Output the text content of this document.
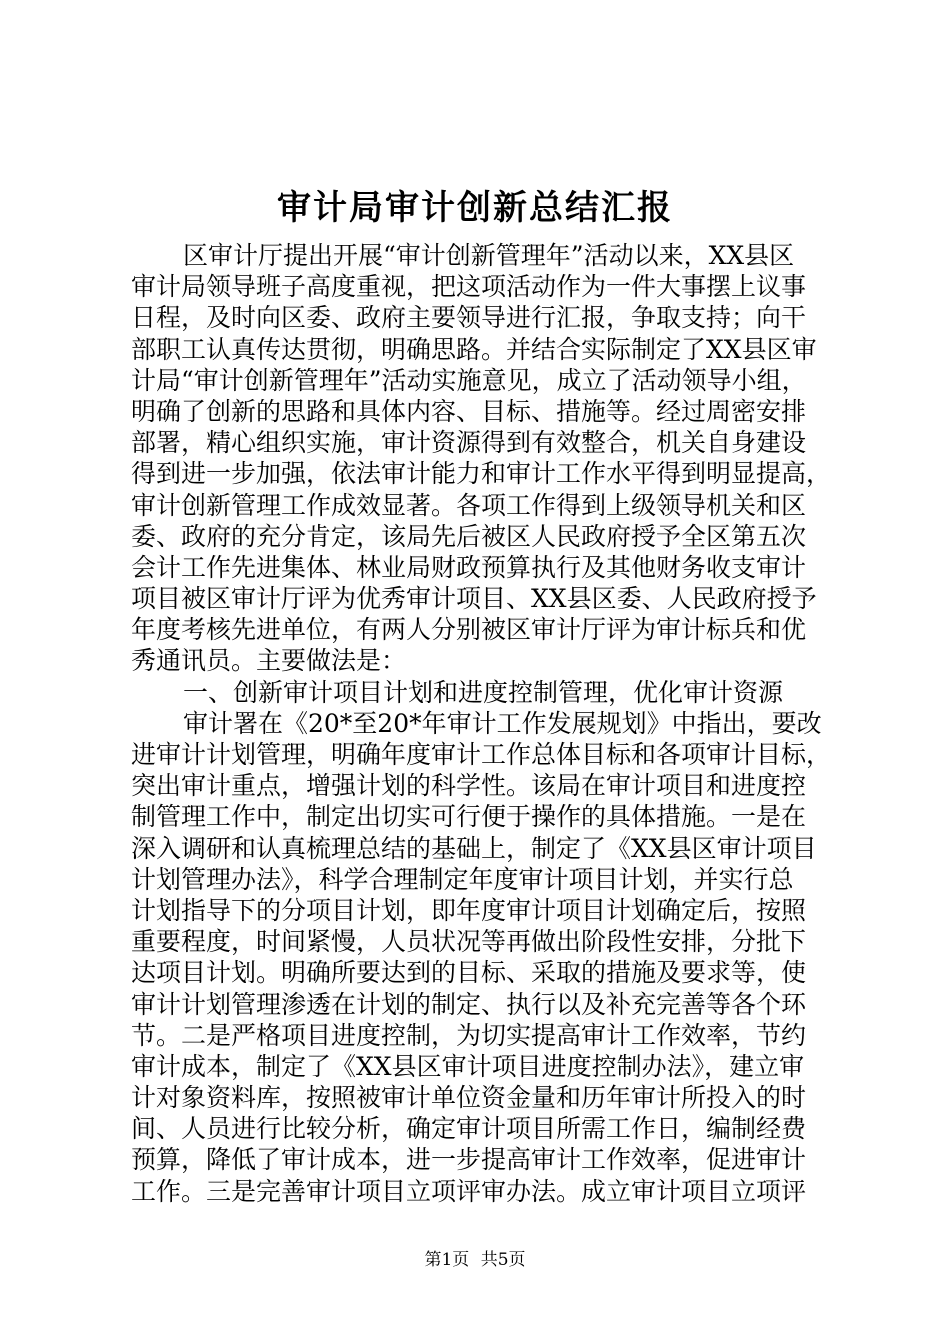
审计局审计创新总结汇报
区审计厅提出开展“审计创新管理年”活动以来，XX县区
审计局领导班子高度重视，把这项活动作为一件大事摆上议事
日程，及时向区委、政府主要领导进行汇报，争取支持；向干
部职工认真传达贯彻，明确思路。并结合实际制定了XX县区审
计局“审计创新管理年”活动实施意见，成立了活动领导小组，
明确了创新的思路和具体内容、目标、措施等。经过周密安排
部署，精心组织实施，审计资源得到有效整合，机关自身建设
得到进一步加强，依法审计能力和审计工作水平得到明显提高，
审计创新管理工作成效显著。各项工作得到上级领导机关和区
委、政府的充分肯定，该局先后被区人民政府授予全区第五次
会计工作先进集体、林业局财政预算执行及其他财务收支审计
项目被区审计厅评为优秀审计项目、XX县区委、人民政府授予
年度考核先进单位，有两人分别被区审计厅评为审计标兵和优
秀通讯员。主要做法是：
一、创新审计项目计划和进度控制管理，优化审计资源
审计署在《20*至20*年审计工作发展规划》中指出，要改
进审计计划管理，明确年度审计工作总体目标和各项审计目标，
突出审计重点，增强计划的科学性。该局在审计项目和进度控
制管理工作中，制定出切实可行便于操作的具体措施。一是在
深入调研和认真梳理总结的基础上，制定了《XX县区审计项目
计划管理办法》，科学合理制定年度审计项目计划，并实行总
计划指导下的分项目计划，即年度审计项目计划确定后，按照
重要程度，时间紧慢，人员状况等再做出阶段性安排，分批下
达项目计划。明确所要达到的目标、采取的措施及要求等，使
审计计划管理渗透在计划的制定、执行以及补充完善等各个环
节。二是严格项目进度控制，为切实提高审计工作效率，节约
审计成本，制定了《XX县区审计项目进度控制办法》，建立审
计对象资料库，按照被审计单位资金量和历年审计所投入的时
间、人员进行比较分析，确定审计项目所需工作日，编制经费
预算，降低了审计成本，进一步提高审计工作效率，促进审计
工作。三是完善审计项目立项评审办法。成立审计项目立项评
第1页 共5页
